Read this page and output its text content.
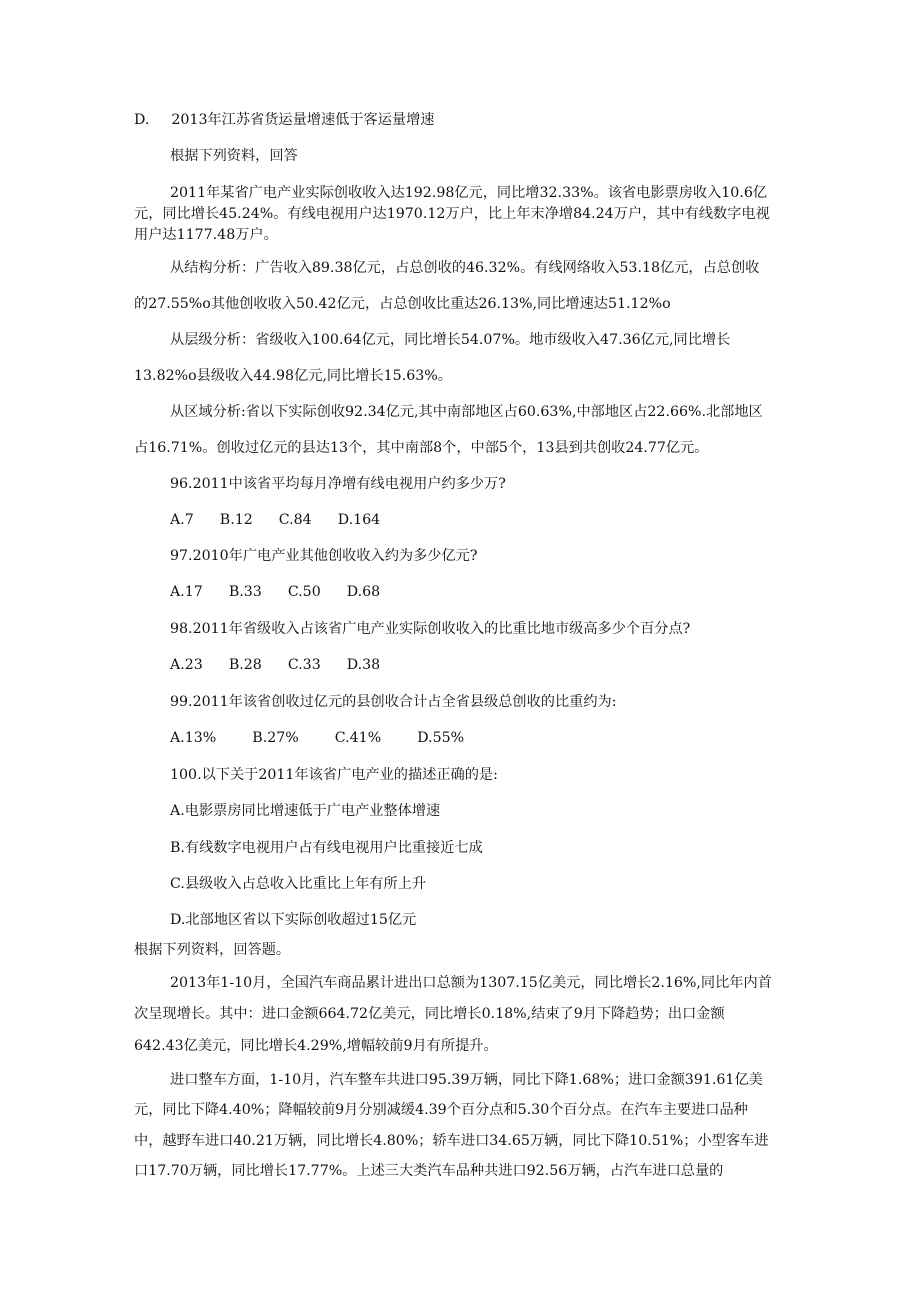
D. 2013年江苏省货运量增速低于客运量增速

根据下列资料，回答

2011年某省广电产业实际创收收入达192.98亿元，同比增32.33%。该省电影票房收入10.6亿

元，同比增长45.24%。有线电视用户达1970.12万户，比上年末净增84.24万户，其中有线数字电视

用户达1177.48万户。

从结构分析：广告收入89.38亿元，占总创收的46.32%。有线网络收入53.18亿元，占总创收

的27.55%o其他创收收入50.42亿元，占总创收比重达26.13%,同比增速达51.12%o

从层级分析：省级收入100.64亿元，同比增长54.07%。地市级收入47.36亿元,同比增长

13.82%o县级收入44.98亿元,同比增长15.63%。

从区域分析:省以下实际创收92.34亿元,其中南部地区占60.63%,中部地区占22.66%.北部地区

占16.71%。创收过亿元的县达13个，其中南部8个，中部5个，13县到共创收24.77亿元。

96.2011中该省平均每月净增有线电视用户约多少万?

A.7 B.12 C.84 D.164

97.2010年广电产业其他创收收入约为多少亿元?

A.17 B.33 C.50 D.68

98.2011年省级收入占该省广电产业实际创收收入的比重比地市级高多少个百分点?

A.23 B.28 C.33 D.38

99.2011年该省创收过亿元的县创收合计占全省县级总创收的比重约为:

A.13%	B.27%	C.41%	D.55%

100.以下关于2011年该省广电产业的描述正确的是:

A.电影票房同比增速低于广电产业整体增速

B.有线数字电视用户占有线电视用户比重接近七成

C.县级收入占总收入比重比上年有所上升

D.北部地区省以下实际创收超过15亿元

根据下列资料，回答题。

2013年1-10月，全国汽车商品累计进出口总额为1307.15亿美元，同比增长2.16%,同比年内首

次呈现增长。其中：进口金额664.72亿美元，同比增长0.18%,结束了9月下降趋势；出口金额

642.43亿美元，同比增长4.29%,增幅较前9月有所提升。

进口整车方面，1-10月，汽车整车共进口95.39万辆，同比下降1.68%；进口金额391.61亿美

元，同比下降4.40%；降幅较前9月分别减缓4.39个百分点和5.30个百分点。在汽车主要进口品种

中，越野车进口40.21万辆，同比增长4.80%；轿车进口34.65万辆，同比下降10.51%；小型客车进

口17.70万辆，同比增长17.77%。上述三大类汽车品种共进口92.56万辆，占汽车进口总量的
